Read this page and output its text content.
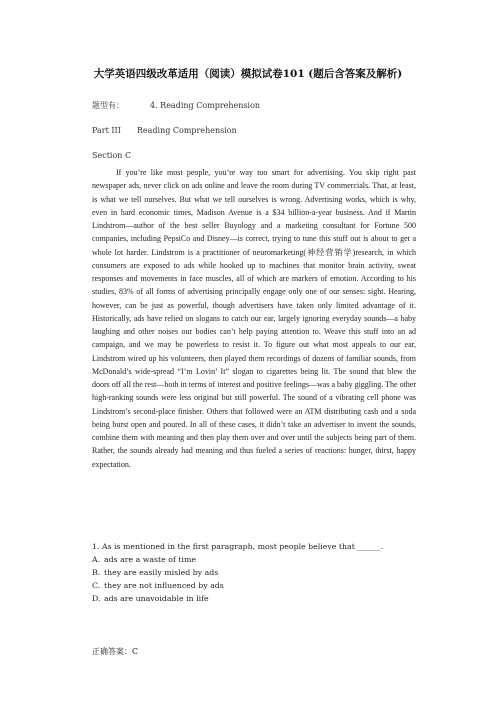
大学英语四级改革适用（阅读）模拟试卷101 (题后含答案及解析)
题型有：	4. Reading Comprehension
Part III Reading Comprehension
Section C

If you’re like most people, you’re way too smart for advertising. You skip right past newspaper ads, never click on ads online and leave the room during TV commercials. That, at least, is what we tell ourselves. But what we tell ourselves is wrong. Advertising works, which is why, even in hard economic times, Madison Avenue is a $34 billion-a-year business. And if Martin Lindstrom—author of the best seller Buyology and a marketing consultant for Fortune 500 companies, including PepsiCo and Disney—is correct, trying to tune this stuff out is about to get a whole lot harder. Lindstrom is a practitioner of neuromarketing(神经营销学)research, in which consumers are exposed to ads while hooked up to machines that monitor brain activity, sweat responses and movements in face muscles, all of which are markers of emotion. According to his studies, 83% of all forms of advertising principally engage only one of our senses: sight. Hearing, however, can be just as powerful, though advertisers have taken only limited advantage of it. Historically, ads have relied on slogans to catch our ear, largely ignoring everyday sounds—a baby laughing and other noises our bodies can’t help paying attention to. Weave this stuff into an ad campaign, and we may be powerless to resist it. To figure out what most appeals to our ear, Lindstrom wired up his volunteers, then played them recordings of dozens of familiar sounds, from McDonald’s wide-spread “I’m Lovin’ It” slogan to cigarettes being lit. The sound that blew the doors off all the rest—both in terms of interest and positive feelings—was a baby giggling. The other high-ranking sounds were less original but still powerful. The sound of a vibrating cell phone was Lindstrom’s second-place finisher. Others that followed were an ATM distributing cash and a soda being burst open and poured. In all of these cases, it didn’t take an advertiser to invent the sounds, combine them with meaning and then play them over and over until the subjects being part of them. Rather, the sounds already had meaning and thus fueled a series of reactions: hunger, thirst, happy expectation.

1. As is mentioned in the first paragraph, most people believe that ______.
A. ads are a waste of time
B. they are easily misled by ads
C. they are not influenced by ads
D. ads are unavoidable in life
正确答案：C
